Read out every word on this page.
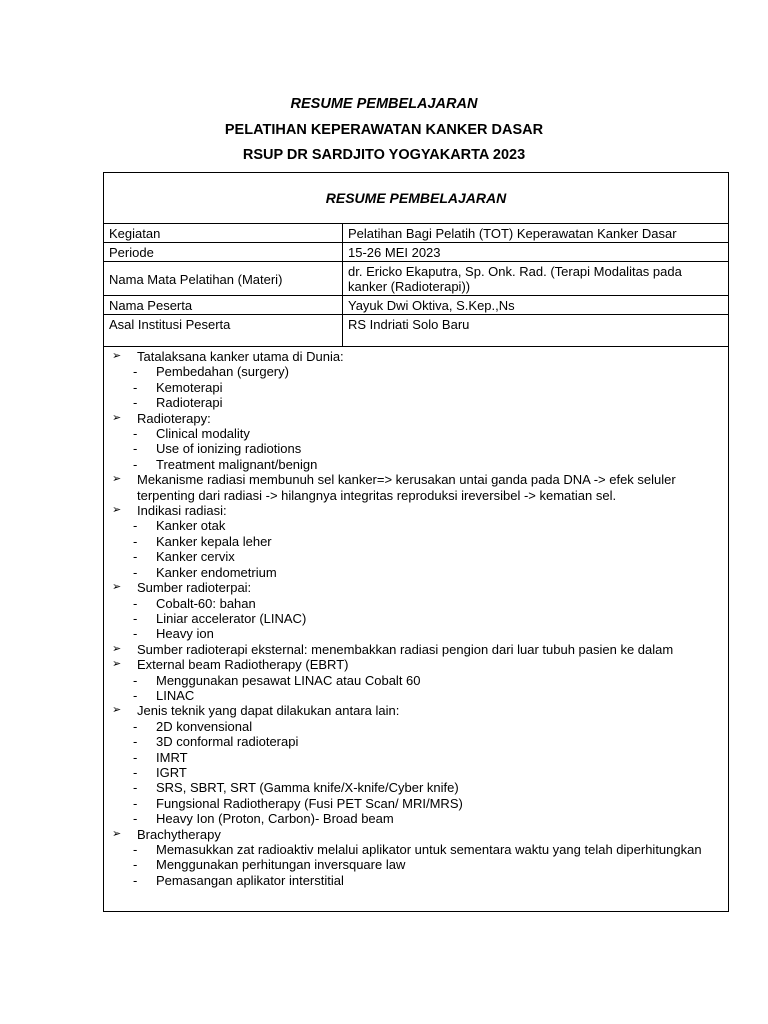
RESUME PEMBELAJARAN
PELATIHAN KEPERAWATAN KANKER DASAR
RSUP DR SARDJITO YOGYAKARTA 2023
RESUME PEMBELAJARAN
Kegiatan	Pelatihan Bagi Pelatih (TOT) Keperawatan Kanker Dasar
Periode	15-26 MEI 2023
Nama Mata Pelatihan (Materi)	dr. Ericko Ekaputra, Sp. Onk. Rad. (Terapi Modalitas pada kanker (Radioterapi))
Nama Peserta	Yayuk Dwi Oktiva, S.Kep.,Ns
Asal Institusi Peserta	RS Indriati Solo Baru
➢ Tatalaksana kanker utama di Dunia:
- Pembedahan (surgery)
- Kemoterapi
- Radioterapi
➢ Radioterapy:
- Clinical modality
- Use of ionizing radiotions
- Treatment malignant/benign
➢ Mekanisme radiasi membunuh sel kanker=> kerusakan untai ganda pada DNA -> efek seluler terpenting dari radiasi -> hilangnya integritas reproduksi ireversibel -> kematian sel.
➢ Indikasi radiasi:
- Kanker otak
- Kanker kepala leher
- Kanker cervix
- Kanker endometrium
➢ Sumber radioterpai:
- Cobalt-60: bahan
- Liniar accelerator (LINAC)
- Heavy ion
➢ Sumber radioterapi eksternal: menembakkan radiasi pengion dari luar tubuh pasien ke dalam
➢ External beam Radiotherapy (EBRT)
- Menggunakan pesawat LINAC atau Cobalt 60
- LINAC
➢ Jenis teknik yang dapat dilakukan antara lain:
- 2D konvensional
- 3D conformal radioterapi
- IMRT
- IGRT
- SRS, SBRT, SRT (Gamma knife/X-knife/Cyber knife)
- Fungsional Radiotherapy (Fusi PET Scan/ MRI/MRS)
- Heavy Ion (Proton, Carbon)- Broad beam
➢ Brachytherapy
- Memasukkan zat radioaktiv melalui aplikator untuk sementara waktu yang telah diperhitungkan
- Menggunakan perhitungan inversquare law
- Pemasangan aplikator interstitial
